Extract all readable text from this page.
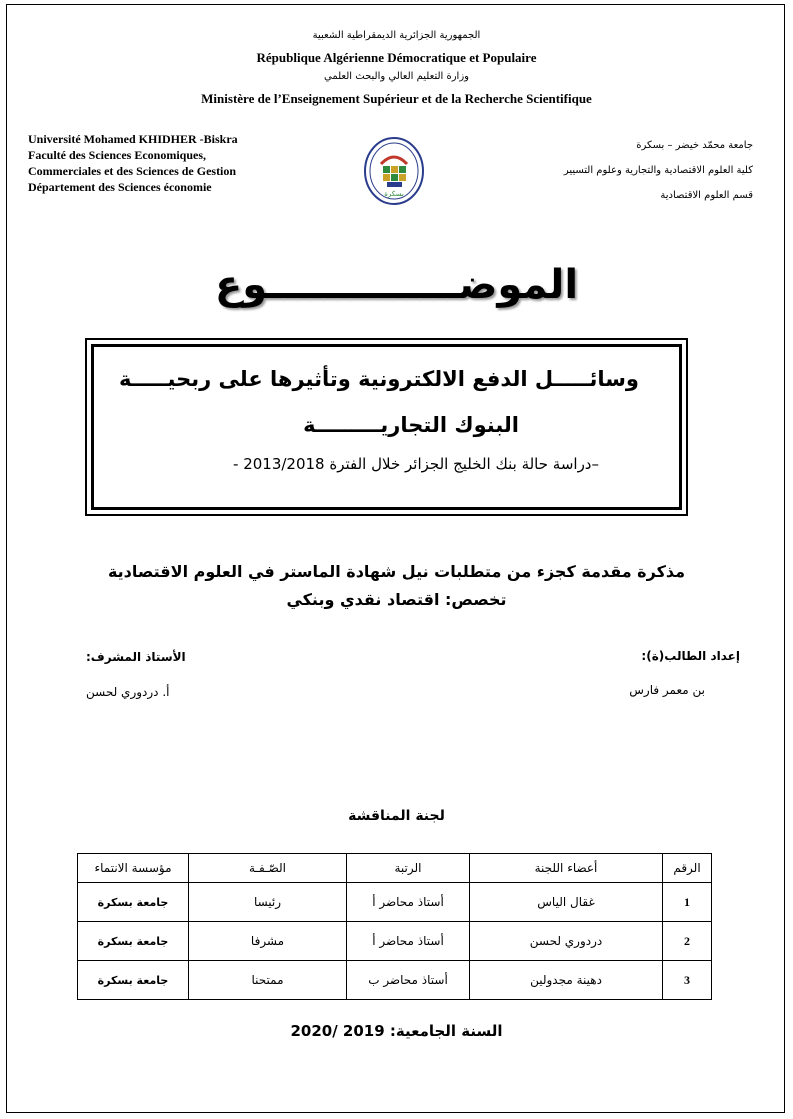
الجمهورية الجزائرية الديمقراطية الشعبية
République Algérienne Démocratique et Populaire
وزارة التعليم العالي والبحث العلمي
Ministère de l’Enseignement Supérieur et de la Recherche Scientifique
Université Mohamed KHIDHER -Biskra
Faculté des Sciences Economiques,
Commerciales et des Sciences de Gestion
Département des Sciences économie
جامعة محمّد خيضر – بسكرة
كلية العلوم الاقتصادية والتجارية وعلوم التسيير
قسم العلوم الاقتصادية
بسكرة
الموضــــــــــــــوع
وسائـــــل الدفع الالكترونية وتأثيرها على ربحيـــــة
البنوك التجاريـــــــــة
–دراسة حالة بنك الخليج الجزائر خلال الفترة 2013/2018 -
مذكرة مقدمة كجزء من متطلبات نيل شهادة الماستر في العلوم الاقتصادية
تخصص: اقتصاد نقدي وبنكي
إعداد الطالب(ة):
بن معمر فارس
الأستاذ المشرف:
أ. دردوري لحسن
لجنة المناقشة
الرقم	أعضاء اللجنة	الرتبة	الصّـفـة	مؤسسة الانتماء
1	غقال الياس	أستاذ محاضر أ	رئيسا	جامعة بسكرة
2	دردوري لحسن	أستاذ محاضر أ	مشرفا	جامعة بسكرة
3	دهينة مجدولين	أستاذ محاضر ب	ممتحنا	جامعة بسكرة
السنة الجامعية: 2019 /2020
